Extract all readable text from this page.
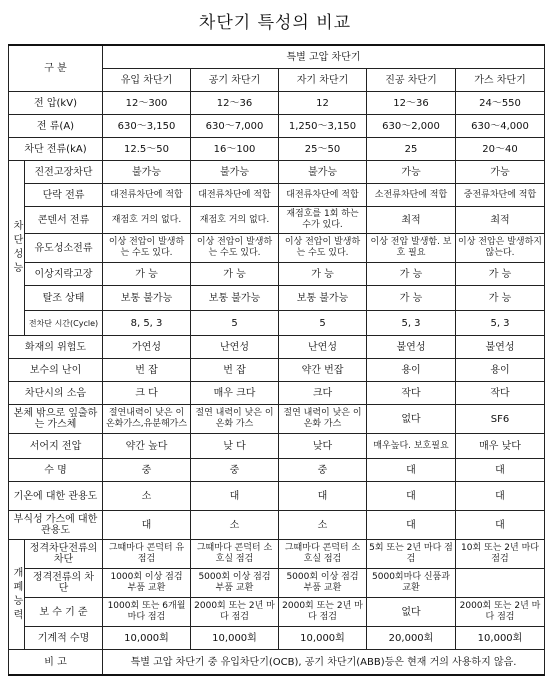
차단기 특성의 비교
구 분		특별 고압 차단기				
		유입 차단기	공기 차단기	자기 차단기	진공 차단기	가스 차단기
전 압(kV)		12～300	12～36	12	12～36	24～550
전 류(A)		630～3,150	630～7,000	1,250～3,150	630～2,000	630～4,000
차단 전류(kA)		12.5～50	16～100	25～50	25	20～40
차단성능	진전고장차단	불가능	불가능	불가능	가능	가능
	단락 전류	대전류차단에 적합	대전류차단에 적합	대전류차단에 적합	소전류차단에 적합	중전류차단에 적합
	콘덴서 전류	재점호 거의 없다.	재점호 거의 없다.	재점호를 1회 하는 수가 있다.	최적	최적
	유도성소전류	이상 전압이 발생하는 수도 있다.	이상 전압이 발생하는 수도 있다.	이상 전압이 발생하는 수도 있다.	이상 전압 발생함. 보호 필요	이상 전압은 발생하지 않는다.
	이상지락고장	가 능	가 능	가 능	가 능	가 능
	탈조 상태	보통 불가능	보통 불가능	보통 불가능	가 능	가 능
	전차단 시간(Cycle)	8, 5, 3	5	5	5, 3	5, 3
화재의 위험도		가연성	난연성	난연성	불연성	불연성
보수의 난이		번 잡	번 잡	약간 번잡	용이	용이
차단시의 소음		크 다	매우 크다	크다	작다	작다
본체 밖으로 잎출하는 가스체		절연내력이 낮은 이온화가스,유분해가스	절연 내력이 낮은 이온화 가스	절연 내력이 낮은 이온화 가스	없다	SF6
서어지 전압		약간 높다	낮 다	낮다	매우높다. 보호필요	매우 낮다
수 명		중	중	중	대	대
기온에 대한 관용도		소	대	대	대	대
부식성 가스에 대한 관용도		대	소	소	대	대
개폐능력	정격차단전류의 차단	그때마다 콘덕터 유 점검	그때마다 콘덕터 소호실 점검	그때마다 콘덕터 소호실 점검	5회 또는 2년 마다 점검	10회 또는 2년 마다 점검
	정격전류의 차 단	1000회 이상 점검 부품 교환	5000회 이상 점검 부품 교환	5000회 이상 점검 부품 교환	5000회마다 신품과 교환	
	보 수 기 준	1000회 또는 6개월 마다 점검	2000회 또는 2년 마다 점검	2000회 또는 2년 마다 점검	없다	2000회 또는 2년 마다 점검
	기계적 수명	10,000회	10,000회	10,000회	20,000회	10,000회
비 고		특별 고압 차단기 중 유입차단기(OCB), 공기 차단기(ABB)등은 현재 거의 사용하지 않음.				
